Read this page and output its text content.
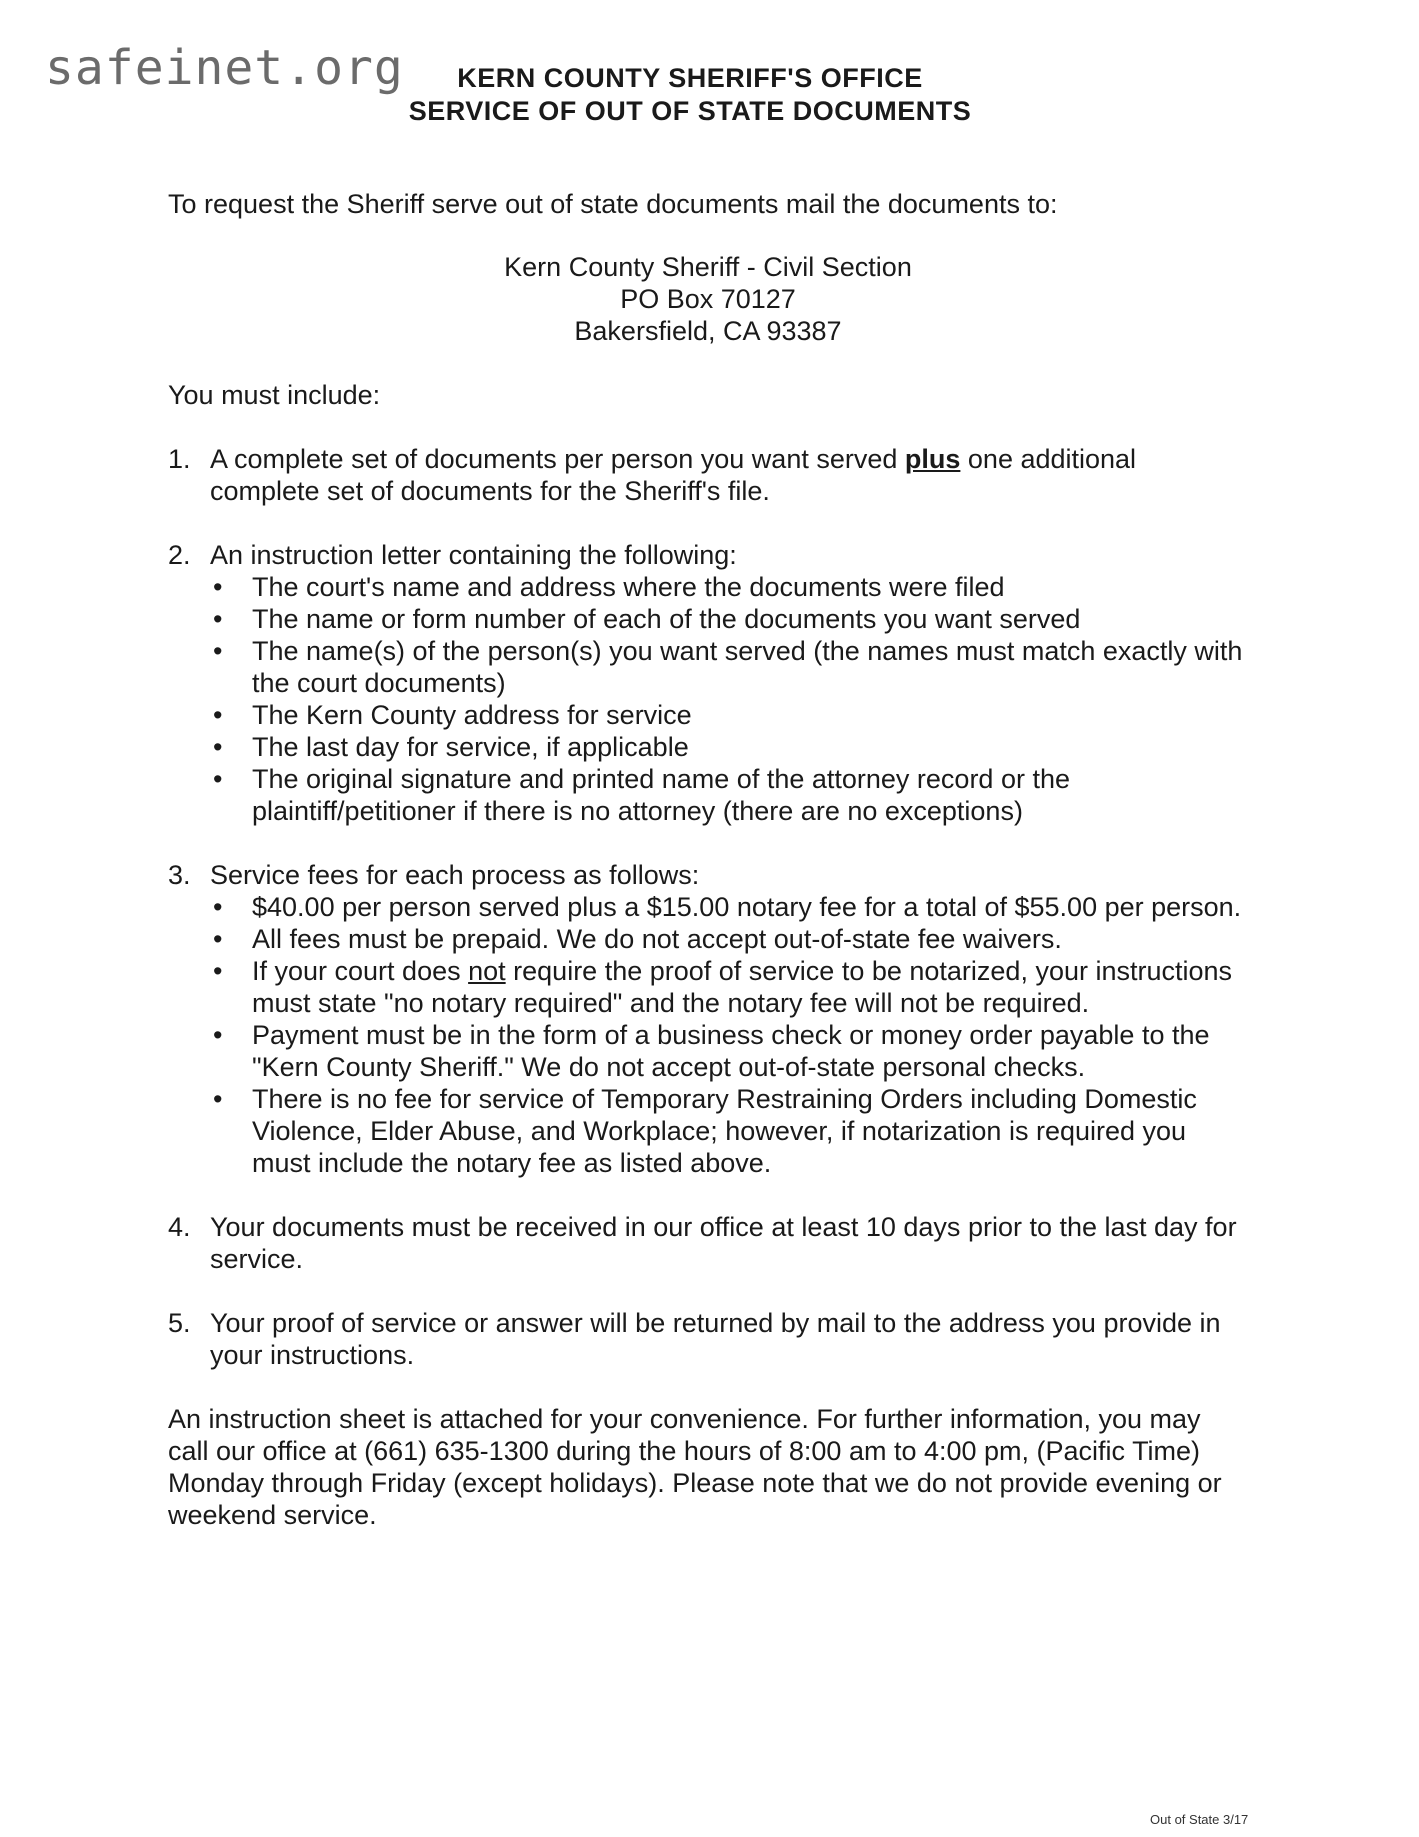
safeinet.org	KERN COUNTY SHERIFF'S OFFICE
SERVICE OF OUT OF STATE DOCUMENTS

To request the Sheriff serve out of state documents mail the documents to:

Kern County Sheriff - Civil Section
PO Box 70127
Bakersfield, CA 93387
You must include:
1. A complete set of documents per person you want served plus one additional complete set of documents for the Sheriff's file.
2. An instruction letter containing the following:
• The court's name and address where the documents were filed
• The name or form number of each of the documents you want served
• The name(s) of the person(s) you want served (the names must match exactly with the court documents)
• The Kern County address for service
• The last day for service, if applicable
• The original signature and printed name of the attorney record or the plaintiff/petitioner if there is no attorney (there are no exceptions)
3. Service fees for each process as follows:
• $40.00 per person served plus a $15.00 notary fee for a total of $55.00 per person.
• All fees must be prepaid. We do not accept out-of-state fee waivers.
• If your court does not require the proof of service to be notarized, your instructions must state "no notary required" and the notary fee will not be required.
• Payment must be in the form of a business check or money order payable to the "Kern County Sheriff." We do not accept out-of-state personal checks.
• There is no fee for service of Temporary Restraining Orders including Domestic Violence, Elder Abuse, and Workplace; however, if notarization is required you must include the notary fee as listed above.
4. Your documents must be received in our office at least 10 days prior to the last day for service.
5. Your proof of service or answer will be returned by mail to the address you provide in your instructions.

An instruction sheet is attached for your convenience. For further information, you may call our office at (661) 635-1300 during the hours of 8:00 am to 4:00 pm, (Pacific Time) Monday through Friday (except holidays). Please note that we do not provide evening or weekend service.

Out of State 3/17
